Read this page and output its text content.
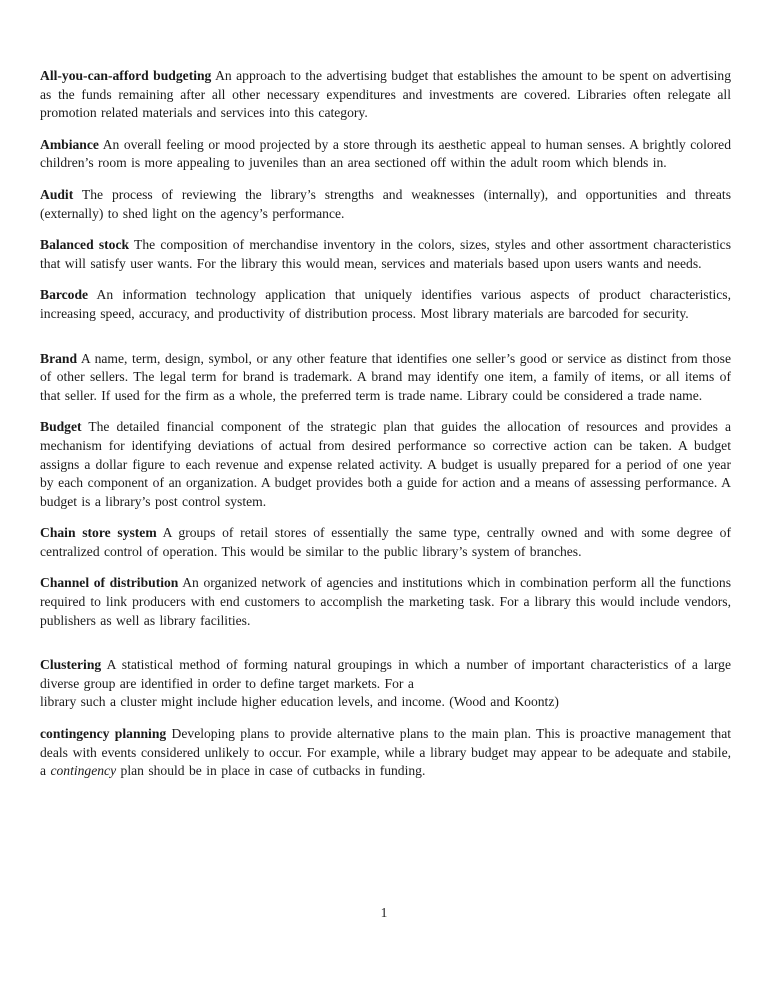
All-you-can-afford budgeting An approach to the advertising budget that establishes the amount to be spent on advertising as the funds remaining after all other necessary expenditures and investments are covered. Libraries often relegate all promotion related materials and services into this category.

Ambiance An overall feeling or mood projected by a store through its aesthetic appeal to human senses. A brightly colored children’s room is more appealing to juveniles than an area sectioned off within the adult room which blends in.

Audit The process of reviewing the library’s strengths and weaknesses (internally), and opportunities and threats (externally) to shed light on the agency’s performance.

Balanced stock The composition of merchandise inventory in the colors, sizes, styles and other assortment characteristics that will satisfy user wants. For the library this would mean, services and materials based upon users wants and needs.

Barcode An information technology application that uniquely identifies various aspects of product characteristics, increasing speed, accuracy, and productivity of distribution process. Most library materials are barcoded for security.

Brand A name, term, design, symbol, or any other feature that identifies one seller’s good or service as distinct from those of other sellers. The legal term for brand is trademark. A brand may identify one item, a family of items, or all items of that seller. If used for the firm as a whole, the preferred term is trade name. Library could be considered a trade name.

Budget The detailed financial component of the strategic plan that guides the allocation of resources and provides a mechanism for identifying deviations of actual from desired performance so corrective action can be taken. A budget assigns a dollar figure to each revenue and expense related activity. A budget is usually prepared for a period of one year by each component of an organization. A budget provides both a guide for action and a means of assessing performance. A budget is a library’s post control system.

Chain store system A groups of retail stores of essentially the same type, centrally owned and with some degree of centralized control of operation. This would be similar to the public library’s system of branches.

Channel of distribution An organized network of agencies and institutions which in combination perform all the functions required to link producers with end customers to accomplish the marketing task. For a library this would include vendors, publishers as well as library facilities.

Clustering A statistical method of forming natural groupings in which a number of important characteristics of a large diverse group are identified in order to define target markets. For a
library such a cluster might include higher education levels, and income. (Wood and Koontz)

contingency planning Developing plans to provide alternative plans to the main plan. This is proactive management that deals with events considered unlikely to occur. For example, while a library budget may appear to be adequate and stabile, a contingency plan should be in place in case of cutbacks in funding.

1
